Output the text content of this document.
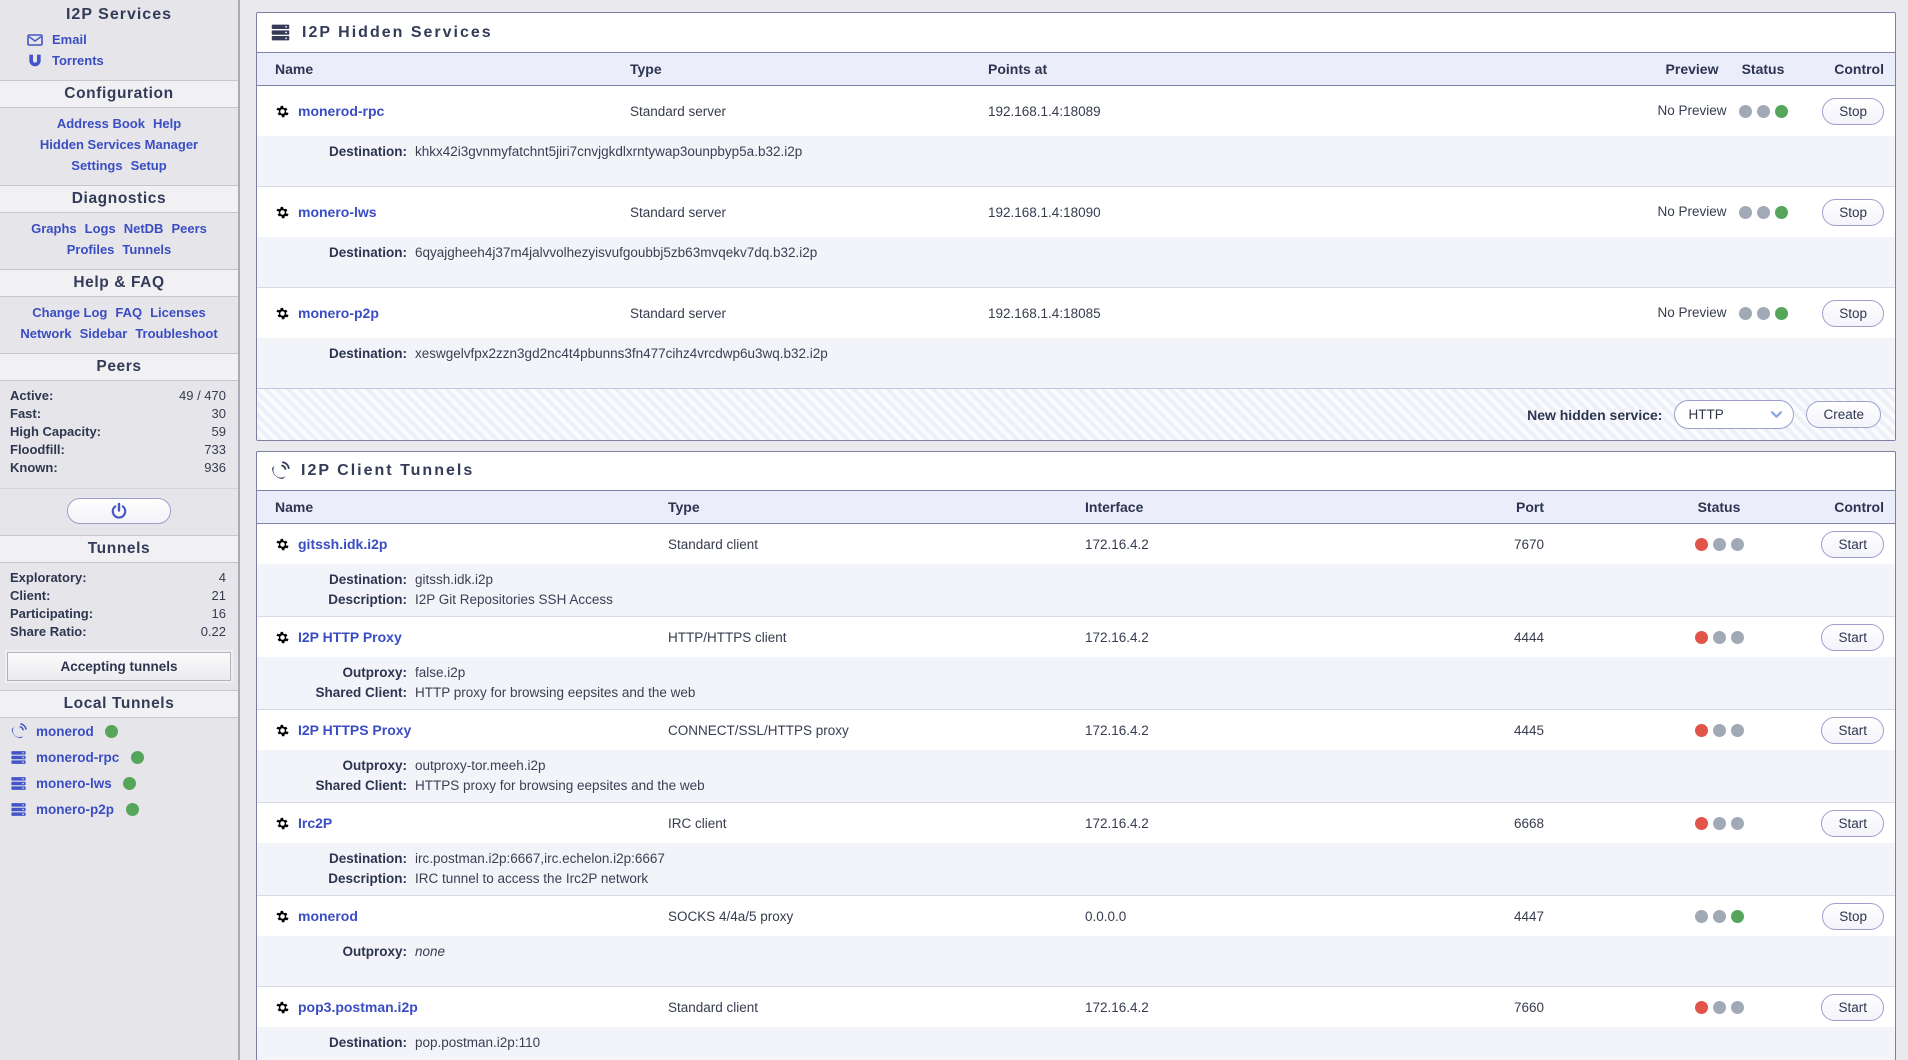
I2P Services
Email
Torrents
Configuration
Address Book Help
Hidden Services Manager
Settings Setup
Diagnostics
Graphs Logs NetDB Peers
Profiles Tunnels
Help & FAQ
Change Log FAQ Licenses
Network Sidebar Troubleshoot
Peers
Active:	49 / 470
Fast:	30
High Capacity:	59
Floodfill:	733
Known:	936
Tunnels
Exploratory:	4
Client:	21
Participating:	16
Share Ratio:	0.22
Accepting tunnels
Local Tunnels
monerod
monerod-rpc
monero-lws
monero-p2p
I2P Hidden Services
Name	Type	Points at	Preview	Status	Control
monerod-rpc	Standard server	192.168.1.4:18089	No Preview	Stop
Destination: khkx42i3gvnmyfatchnt5jiri7cnvjgkdlxrntywap3ounpbyp5a.b32.i2p
monero-lws	Standard server	192.168.1.4:18090	No Preview	Stop
Destination: 6qyajgheeh4j37m4jalvvolhezyisvufgoubbj5zb63mvqekv7dq.b32.i2p
monero-p2p	Standard server	192.168.1.4:18085	No Preview	Stop
Destination: xeswgelvfpx2zzn3gd2nc4t4pbunns3fn477cihz4vrcdwp6u3wq.b32.i2p
New hidden service: HTTP	Create
I2P Client Tunnels
Name	Type	Interface	Port	Status	Control
gitssh.idk.i2p	Standard client	172.16.4.2	7670	Start
Destination: gitssh.idk.i2p
Description: I2P Git Repositories SSH Access
I2P HTTP Proxy	HTTP/HTTPS client	172.16.4.2	4444	Start
Outproxy: false.i2p
Shared Client: HTTP proxy for browsing eepsites and the web
I2P HTTPS Proxy	CONNECT/SSL/HTTPS proxy	172.16.4.2	4445	Start
Outproxy: outproxy-tor.meeh.i2p
Shared Client: HTTPS proxy for browsing eepsites and the web
Irc2P	IRC client	172.16.4.2	6668	Start
Destination: irc.postman.i2p:6667,irc.echelon.i2p:6667
Description: IRC tunnel to access the Irc2P network
monerod	SOCKS 4/4a/5 proxy	0.0.0.0	4447	Stop
Outproxy: none
pop3.postman.i2p	Standard client	172.16.4.2	7660	Start
Destination: pop.postman.i2p:110
